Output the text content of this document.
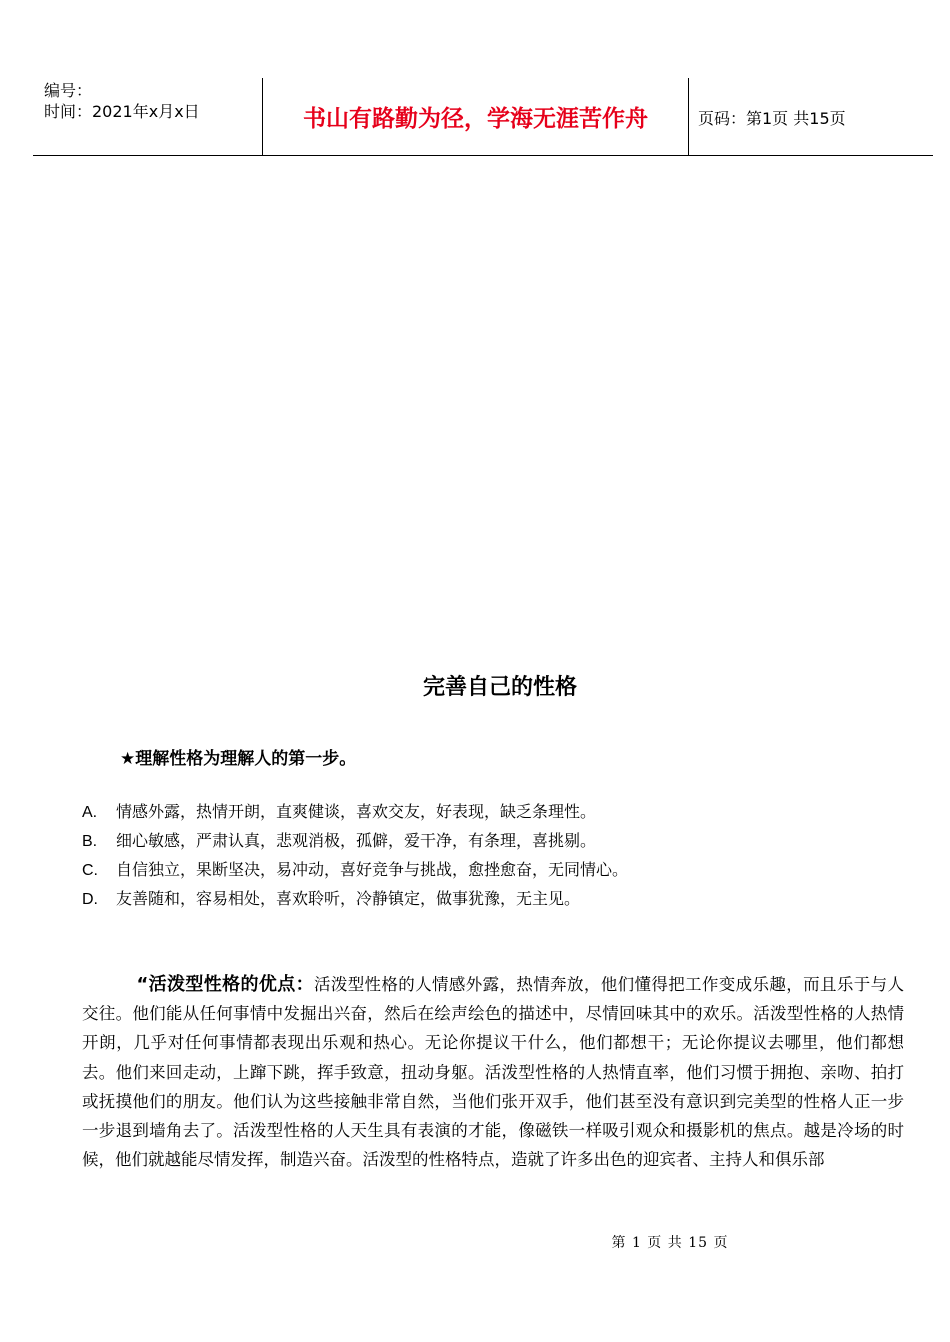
编号：
时间：2021年x月x日	书山有路勤为径，学海无涯苦作舟	页码：第1页 共15页
完善自己的性格
★理解性格为理解人的第一步。
A. 情感外露，热情开朗，直爽健谈，喜欢交友，好表现，缺乏条理性。
B. 细心敏感，严肃认真，悲观消极，孤僻，爱干净，有条理，喜挑剔。
C. 自信独立，果断坚决，易冲动，喜好竞争与挑战，愈挫愈奋，无同情心。
D. 友善随和，容易相处，喜欢聆听，冷静镇定，做事犹豫，无主见。
“活泼型性格的优点：活泼型性格的人情感外露，热情奔放，他们懂得把工作变成乐趣，而且乐于与人交往。他们能从任何事情中发掘出兴奋，然后在绘声绘色的描述中，尽情回味其中的欢乐。活泼型性格的人热情开朗，几乎对任何事情都表现出乐观和热心。无论你提议干什么，他们都想干；无论你提议去哪里，他们都想去。他们来回走动，上蹿下跳，挥手致意，扭动身躯。活泼型性格的人热情直率，他们习惯于拥抱、亲吻、拍打或抚摸他们的朋友。他们认为这些接触非常自然，当他们张开双手，他们甚至没有意识到完美型的性格人正一步一步退到墙角去了。活泼型性格的人天生具有表演的才能，像磁铁一样吸引观众和摄影机的焦点。越是冷场的时候，他们就越能尽情发挥，制造兴奋。活泼型的性格特点，造就了许多出色的迎宾者、主持人和俱乐部
第 1 页 共 15 页
